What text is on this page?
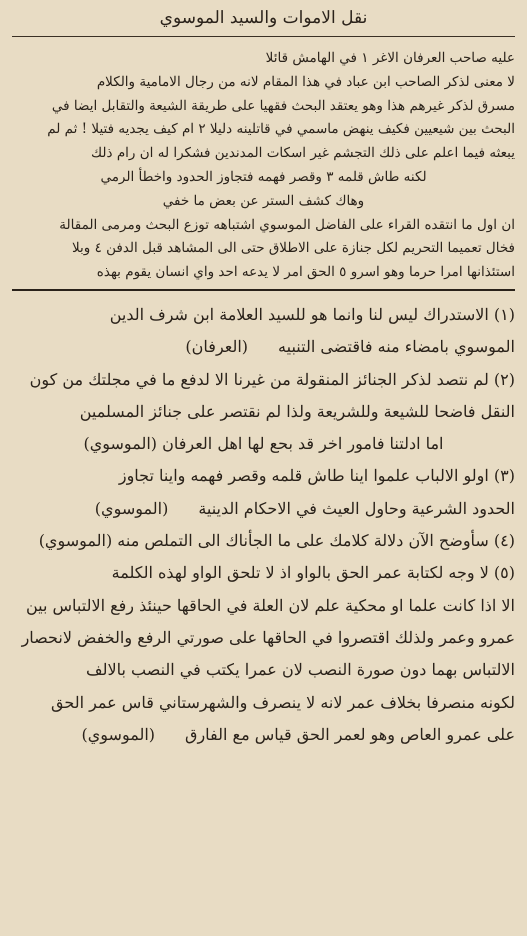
نقل الاموات والسيد الموسوي

عليه صاحب العرفان الاغر ١ في الهامش قائلا

لا معنى لذكر الصاحب ابن عباد في هذا المقام لانه من رجال الامامية والكلام

مسرق لذكر غيرهم هذا وهو يعتقد البحث فقهيا على طريقة الشيعة والتقابل ايضا في

البحث بين شيعيين فكيف ينهض ماسمي في قاتلينه دليلا ٢ ام كيف يجديه فتيلا ! ثم لم

يبعثه فيما اعلم على ذلك التجشم غير اسكات المدندين فشكرا له ان رام ذلك

لكنه طاش قلمه ٣ وقصر فهمه فتجاوز الحدود واخطأ الرمي

وهاك كشف الستر عن بعض ما خفي

ان اول ما انتقده القراء على الفاضل الموسوي اشتباهه توزع البحث ومرمى المقالة

فخال تعميما التحريم لكل جنازة على الاطلاق حتى الى المشاهد قبل الدفن ٤ وبلا

استئذانها امرا حرما وهو اسرو ٥ الحق امر لا يدعه احد واي انسان يقوم بهذه

(١) الاستدراك ليس لنا وانما هو للسيد العلامة ابن شرف الدين

الموسوي بامضاء منه فاقتضى التنبيه(العرفان)

(٢) لم نتصد لذكر الجنائز المنقولة من غيرنا الا لدفع ما في مجلتك من كون

النقل فاضحا للشيعة وللشريعة ولذا لم نقتصر على جنائز المسلمين

اما ادلتنا فامور اخر قد بحع لها اهل العرفان (الموسوي)

(٣) اولو الالباب علموا اينا طاش قلمه وقصر فهمه واينا تجاوز

الحدود الشرعية وحاول العيث في الاحكام الدينية(الموسوي)

(٤) سأوضح الآن دلالة كلامك على ما الجأناك الى التملص منه (الموسوي)

(٥) لا وجه لكتابة عمر الحق بالواو اذ لا تلحق الواو لهذه الكلمة

الا اذا كانت علما او محكية علم لان العلة في الحاقها حينئذ رفع الالتباس بين

عمرو وعمر ولذلك اقتصروا في الحاقها على صورتي الرفع والخفض لانحصار

الالتباس بهما دون صورة النصب لان عمرا يكتب في النصب بالالف

لكونه منصرفا بخلاف عمر لانه لا ينصرف والشهرستاني قاس عمر الحق

على عمرو العاص وهو لعمر الحق قياس مع الفارق(الموسوي)
